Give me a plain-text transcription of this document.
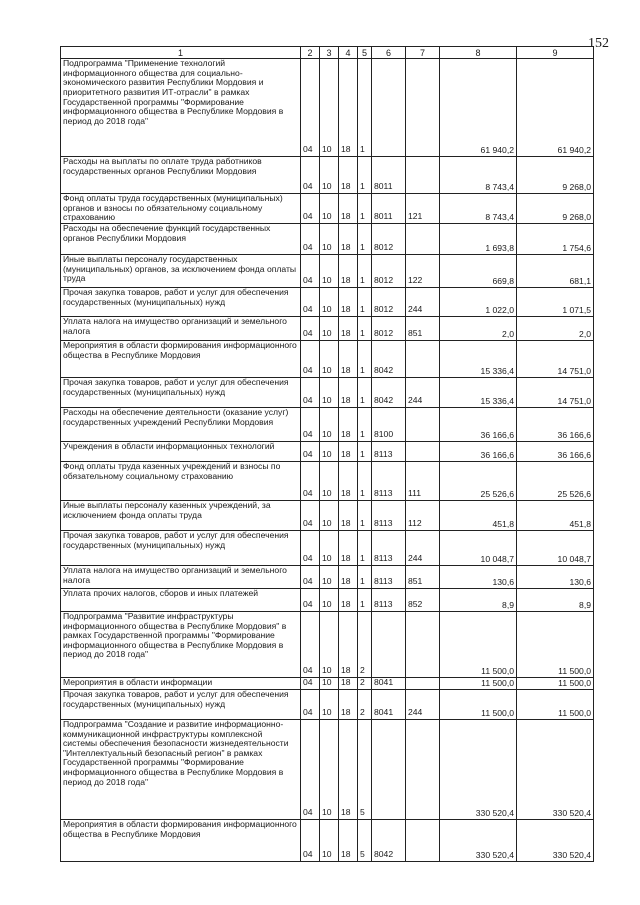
152
1	2	3	4	5	6	7	8	9
Подпрограмма "Применение технологий информационного общества для социально-экономического развития Республики Мордовия и приоритетного развития ИТ-отрасли" в рамках Государственной программы "Формирование информационного общества в Республике Мордовия в период до 2018 года"	04	10	18	1			61 940,2	61 940,2
Расходы на выплаты по оплате труда работников государственных органов Республики Мордовия	04	10	18	1	8011		8 743,4	9 268,0
Фонд оплаты труда государственных (муниципальных) органов и взносы по обязательному социальному страхованию	04	10	18	1	8011	121	8 743,4	9 268,0
Расходы на обеспечение функций государственных органов Республики Мордовия	04	10	18	1	8012		1 693,8	1 754,6
Иные выплаты персоналу государственных (муниципальных) органов, за исключением фонда оплаты труда	04	10	18	1	8012	122	669,8	681,1
Прочая закупка товаров, работ и услуг для обеспечения государственных (муниципальных) нужд	04	10	18	1	8012	244	1 022,0	1 071,5
Уплата налога на имущество организаций и земельного налога	04	10	18	1	8012	851	2,0	2,0
Мероприятия в области формирования информационного общества в Республике Мордовия	04	10	18	1	8042		15 336,4	14 751,0
Прочая закупка товаров, работ и услуг для обеспечения государственных (муниципальных) нужд	04	10	18	1	8042	244	15 336,4	14 751,0
Расходы на обеспечение деятельности (оказание услуг) государственных учреждений Республики Мордовия	04	10	18	1	8100		36 166,6	36 166,6
Учреждения в области информационных технологий	04	10	18	1	8113		36 166,6	36 166,6
Фонд оплаты труда казенных учреждений и взносы по обязательному социальному страхованию	04	10	18	1	8113	111	25 526,6	25 526,6
Иные выплаты персоналу казенных учреждений, за исключением фонда оплаты труда	04	10	18	1	8113	112	451,8	451,8
Прочая закупка товаров, работ и услуг для обеспечения государственных (муниципальных) нужд	04	10	18	1	8113	244	10 048,7	10 048,7
Уплата налога на имущество организаций и земельного налога	04	10	18	1	8113	851	130,6	130,6
Уплата прочих налогов, сборов и иных платежей	04	10	18	1	8113	852	8,9	8,9
Подпрограмма "Развитие инфраструктуры информационного общества в Республике Мордовия" в рамках Государственной программы "Формирование информационного общества в Республике Мордовия в период до 2018 года"	04	10	18	2			11 500,0	11 500,0
Мероприятия в области информации	04	10	18	2	8041		11 500,0	11 500,0
Прочая закупка товаров, работ и услуг для обеспечения государственных (муниципальных) нужд	04	10	18	2	8041	244	11 500,0	11 500,0
Подпрограмма "Создание и развитие информационно-коммуникационной инфраструктуры комплексной системы обеспечения безопасности жизнедеятельности "Интеллектуальный безопасный регион" в рамках Государственной программы "Формирование информационного общества в Республике Мордовия в период до 2018 года"	04	10	18	5			330 520,4	330 520,4
Мероприятия в области формирования информационного общества в Республике Мордовия	04	10	18	5	8042		330 520,4	330 520,4
